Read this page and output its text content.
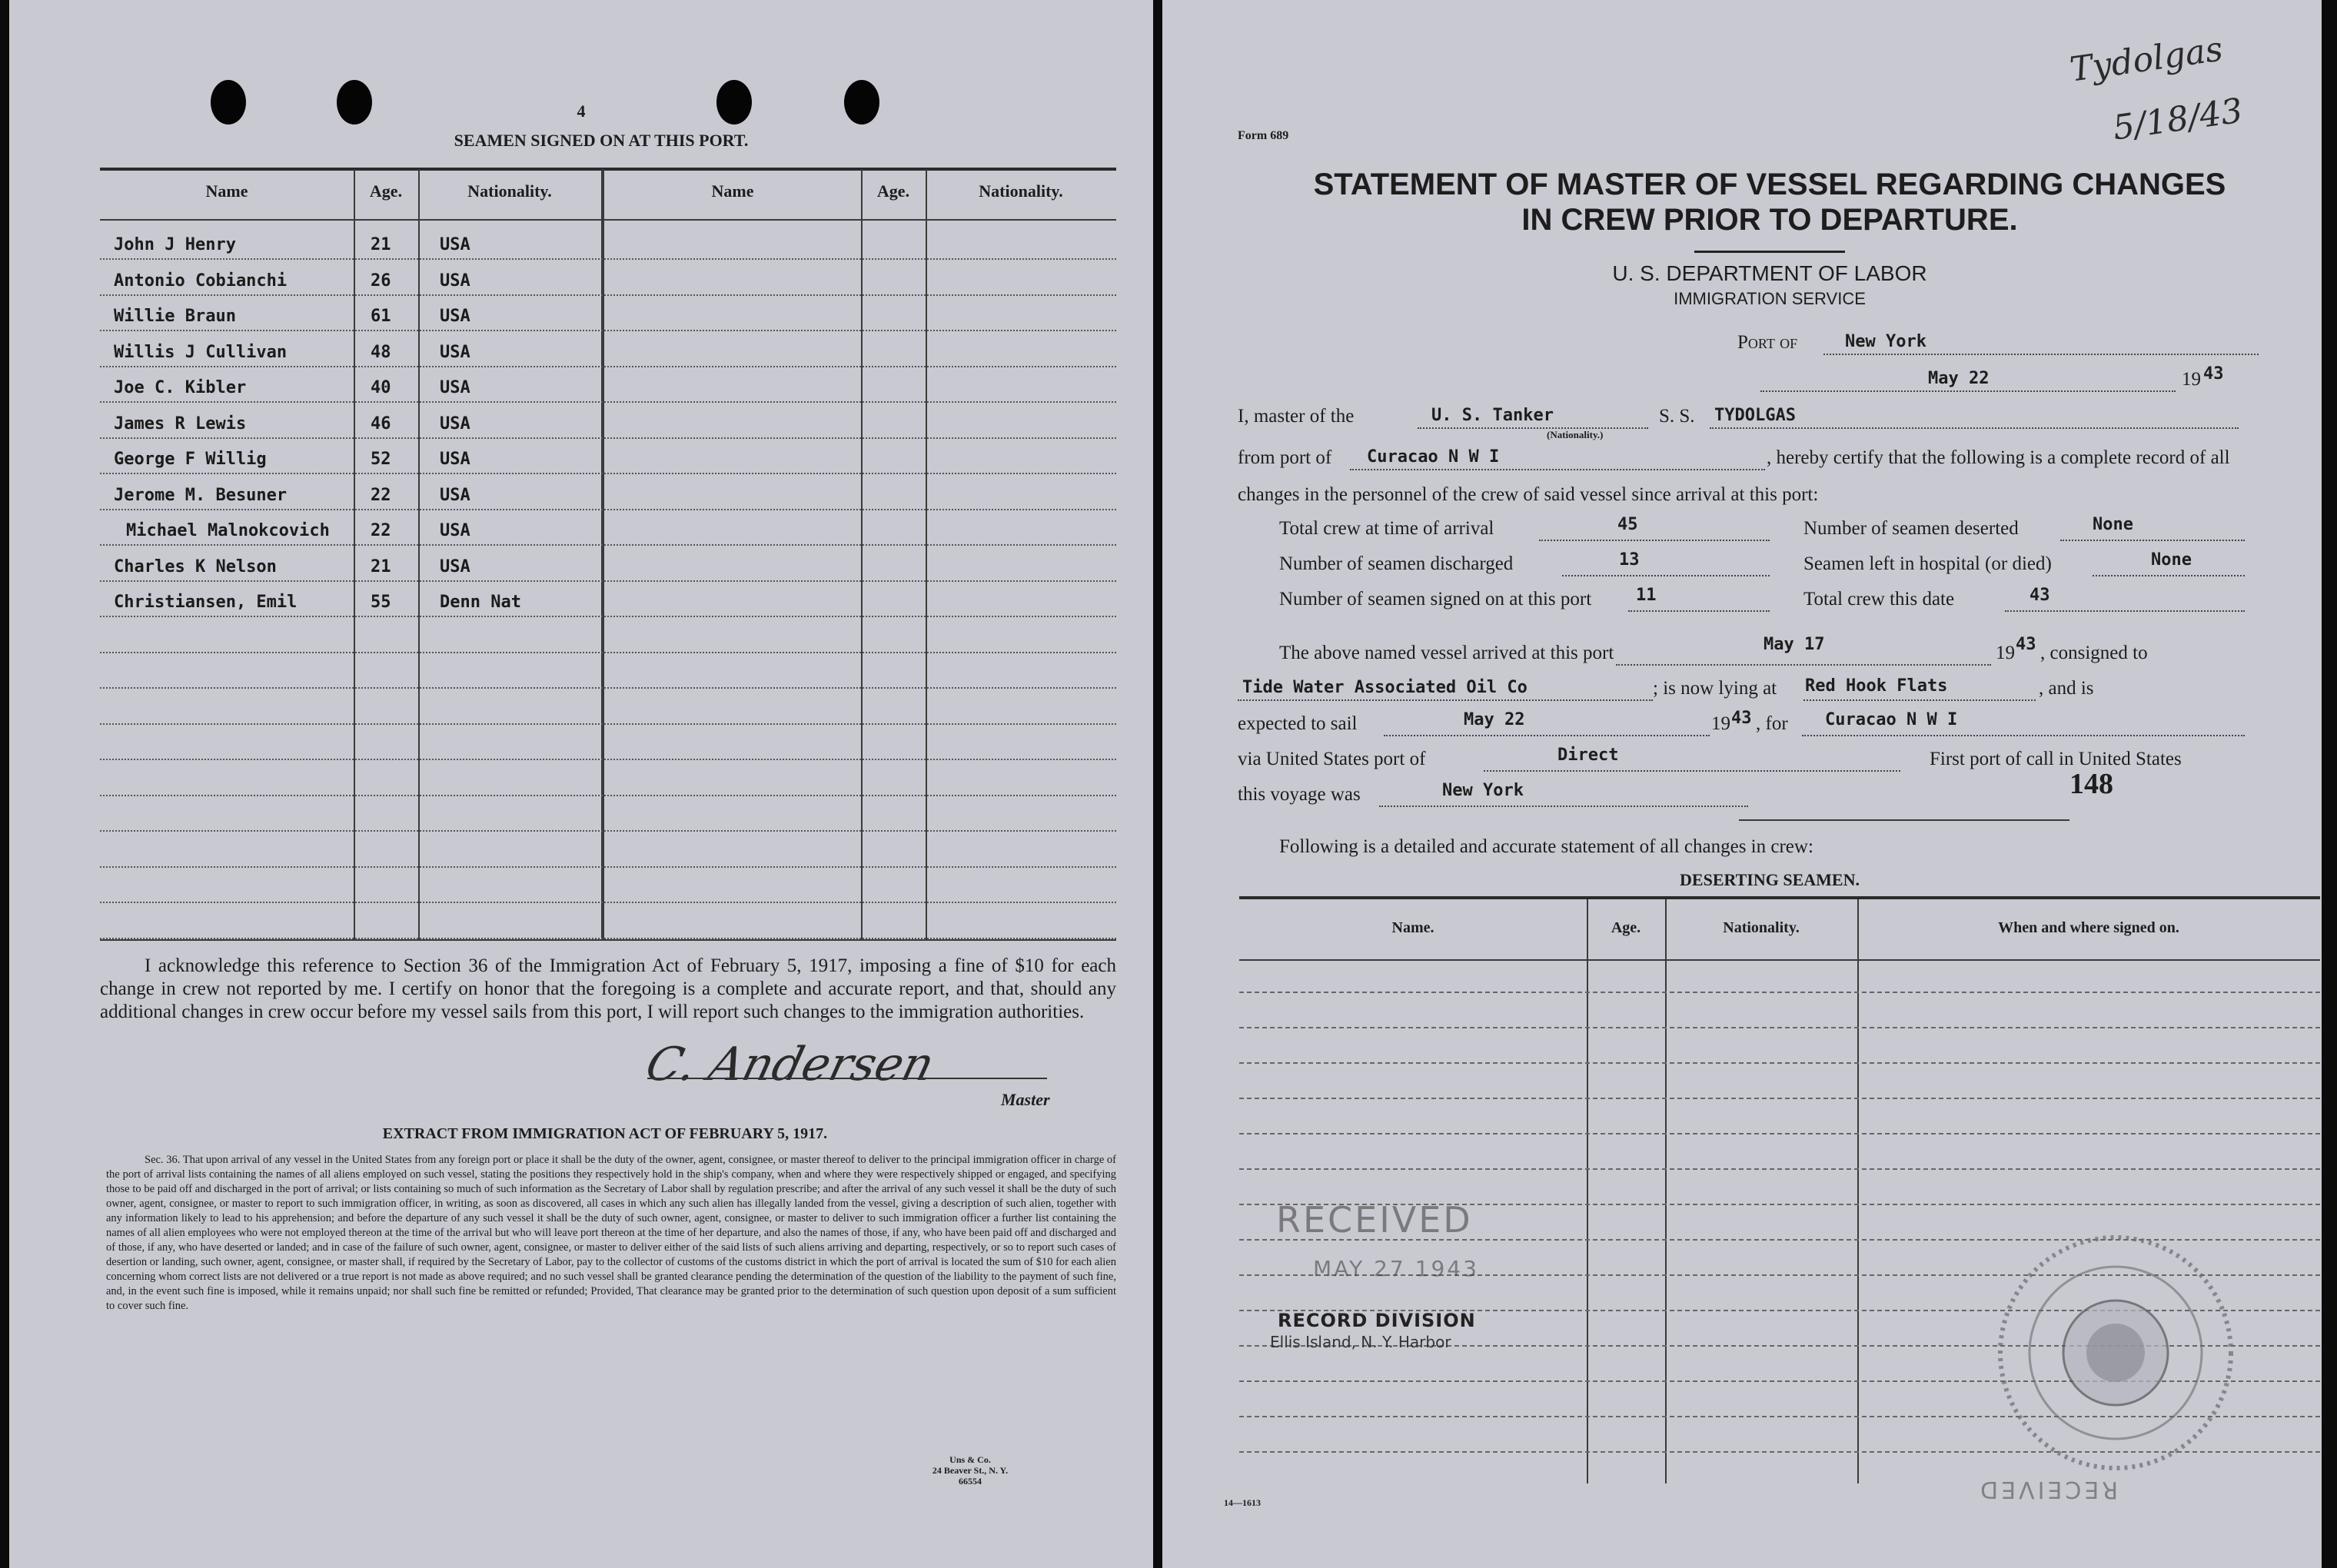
4
SEAMEN SIGNED ON AT THIS PORT.
Name	Age.	Nationality.	Name	Age.	Nationality.
John J Henry	21	USA
Antonio Cobianchi	26	USA
Willie Braun	61	USA
Willis J Cullivan	48	USA
Joe C. Kibler	40	USA
James R Lewis	46	USA
George F Willig	52	USA
Jerome M. Besuner	22	USA
Michael Malnokcovich 22	USA
Charles K Nelson	21	USA
Christiansen, Emil	55	Denn Nat
I acknowledge this reference to Section 36 of the Immigration Act of February 5, 1917, imposing a fine of $10 for each change in crew not reported by me. I certify on honor that the foregoing is a complete and accurate report, and that, should any additional changes in crew occur before my vessel sails from this port, I will report such changes to the immigration authorities.
C. Andersen
Master
EXTRACT FROM IMMIGRATION ACT OF FEBRUARY 5, 1917.
Sec. 36. That upon arrival of any vessel in the United States from any foreign port or place it shall be the duty of the owner, agent, consignee, or master thereof to deliver to the principal immigration officer in charge of the port of arrival lists containing the names of all aliens employed on such vessel, stating the positions they respectively hold in the ship's company, when and where they were respectively shipped or engaged, and specifying those to be paid off and discharged in the port of arrival; or lists containing so much of such information as the Secretary of Labor shall by regulation prescribe; and after the arrival of any such vessel it shall be the duty of such owner, agent, consignee, or master to report to such immigration officer, in writing, as soon as discovered, all cases in which any such alien has illegally landed from the vessel, giving a description of such alien, together with any information likely to lead to his apprehension; and before the departure of any such vessel it shall be the duty of such owner, agent, consignee, or master to deliver to such immigration officer a further list containing the names of all alien employees who were not employed thereon at the time of the arrival but who will leave port thereon at the time of her departure, and also the names of those, if any, who have been paid off and discharged and of those, if any, who have deserted or landed; and in case of the failure of such owner, agent, consignee, or master to deliver either of the said lists of such aliens arriving and departing, respectively, or so to report such cases of desertion or landing, such owner, agent, consignee, or master shall, if required by the Secretary of Labor, pay to the collector of customs of the customs district in which the port of arrival is located the sum of $10 for each alien concerning whom correct lists are not delivered or a true report is not made as above required; and no such vessel shall be granted clearance pending the determination of the question of the liability to the payment of such fine, and, in the event such fine is imposed, while it remains unpaid; nor shall such fine be remitted or refunded; Provided, That clearance may be granted prior to the determination of such question upon deposit of a sum sufficient to cover such fine.
Uns & Co.
24 Beaver St., N. Y.
66554
Form 689
Tydolgas
5/18/43
STATEMENT OF MASTER OF VESSEL REGARDING CHANGES
IN CREW PRIOR TO DEPARTURE.
U. S. DEPARTMENT OF LABOR
IMMIGRATION SERVICE
Port of	New York
May 22	19 43
I, master of the	U. S. Tanker
(Nationality.)
S. S. TYDOLGAS
from port of Curacao N W I	, hereby certify that the following is a complete record of all
changes in the personnel of the crew of said vessel since arrival at this port:
Total crew at time of arrival	45	Number of seamen deserted	None
Number of seamen discharged	13	Seamen left in hospital (or died)	None
Number of seamen signed on at this port	11	Total crew this date	43
The above named vessel arrived at this port	May 17	19 43 , consigned to
Tide Water Associated Oil Co	; is now lying at Red Hook Flats	, and is
expected to sail	May 22	19 43 , for Curacao N W I
via United States port of	Direct	First port of call in United States
this voyage was	New York	148
Following is a detailed and accurate statement of all changes in crew:
DESERTING SEAMEN.
Name.	Age.	Nationality.	When and where signed on.
RECEIVED
MAY 27 1943
RECORD DIVISION
Ellis Island, N. Y. Harbor
14—1613	RECEIVED
